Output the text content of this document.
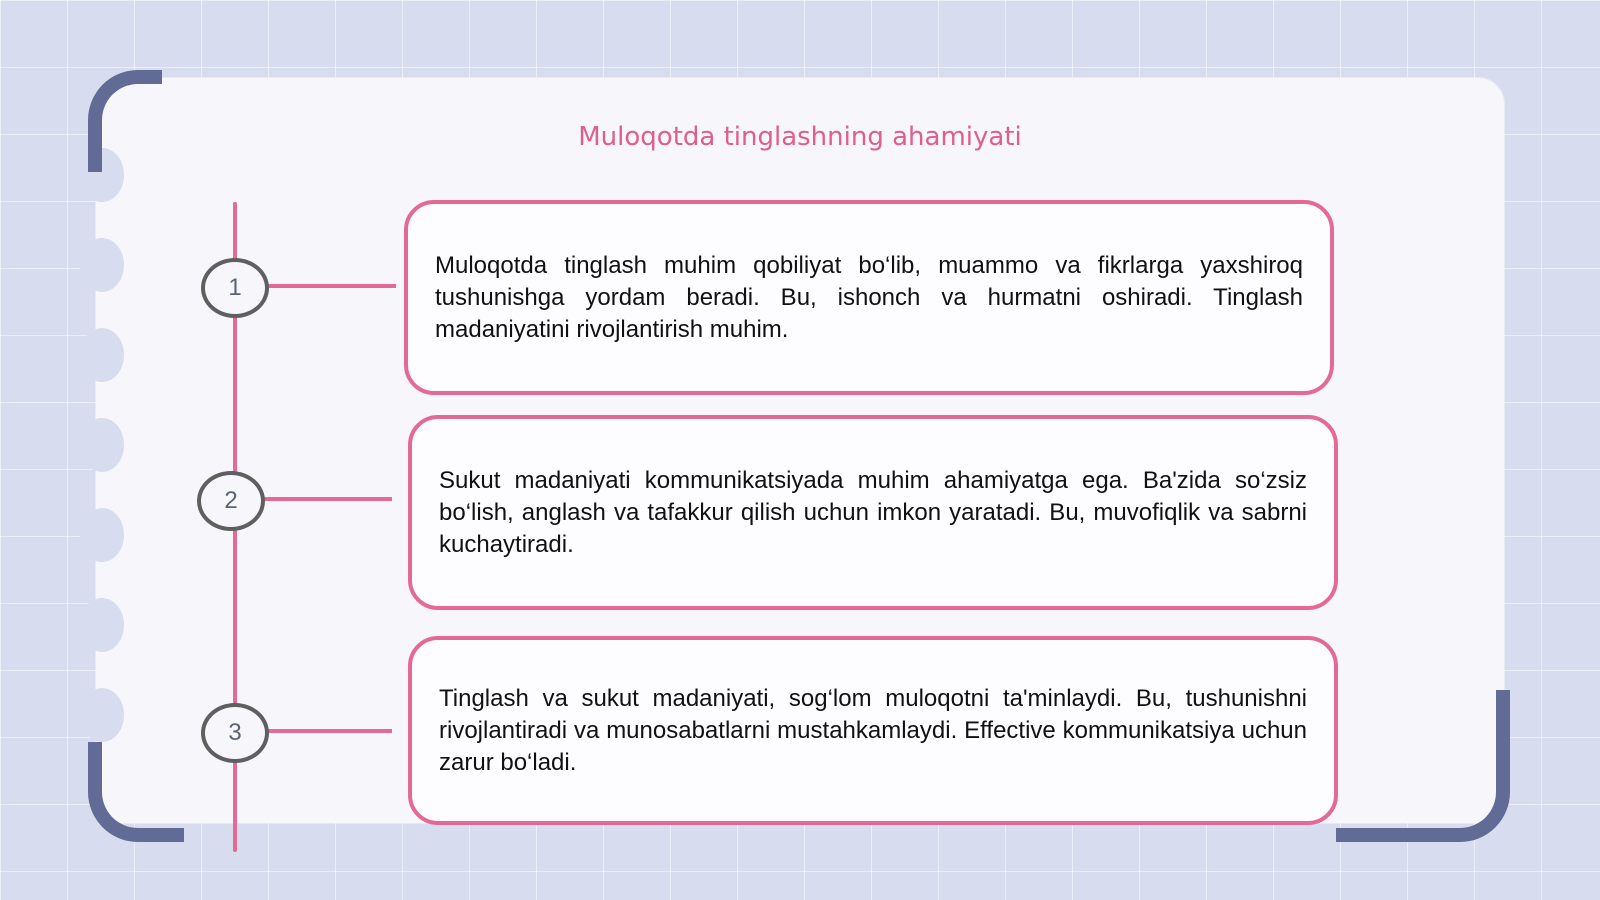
Muloqotda tinglashning ahamiyati
1

Muloqotda tinglash muhim qobiliyat bo‘lib, muammo va fikrlarga yaxshiroq tushunishga yordam beradi. Bu, ishonch va hurmatni oshiradi. Tinglash madaniyatini rivojlantirish muhim.

2

Sukut madaniyati kommunikatsiyada muhim ahamiyatga ega. Ba'zida so‘zsiz bo‘lish, anglash va tafakkur qilish uchun imkon yaratadi. Bu, muvofiqlik va sabrni kuchaytiradi.

3

Tinglash va sukut madaniyati, sog‘lom muloqotni ta'minlaydi. Bu, tushunishni rivojlantiradi va munosabatlarni mustahkamlaydi. Effective kommunikatsiya uchun zarur bo‘ladi.
